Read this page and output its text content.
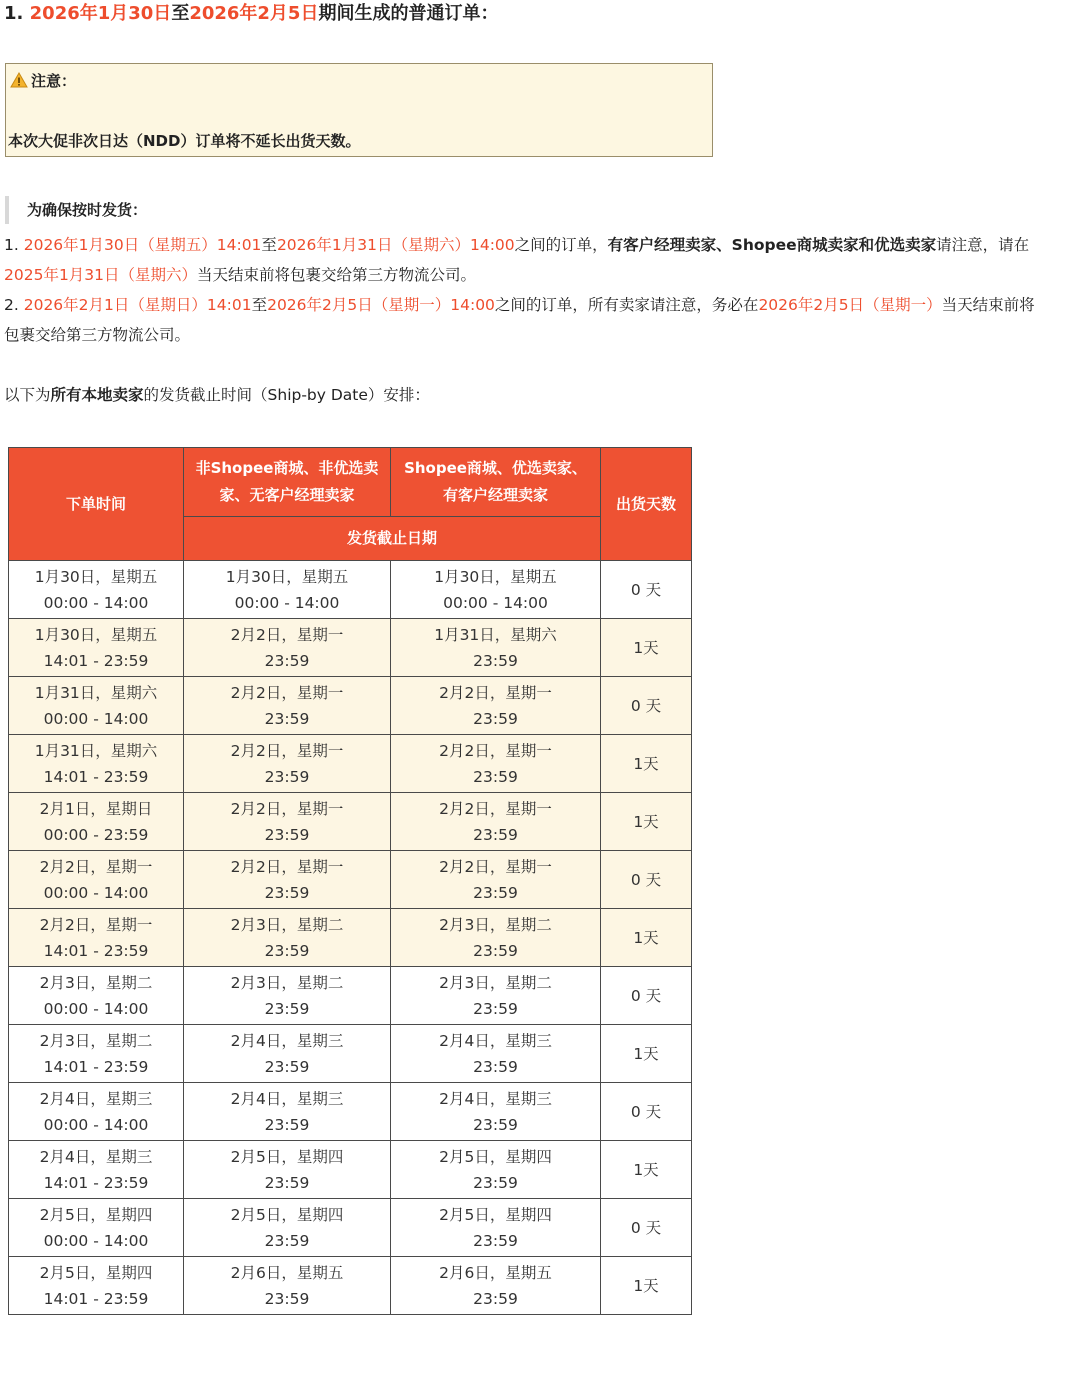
1. 2026年1月30日至2026年2月5日期间生成的普通订单：
注意：
本次大促非次日达（NDD）订单将不延长出货天数。
为确保按时发货：
1. 2026年1月30日（星期五）14:01至2026年1月31日（星期六）14:00之间的订单，有客户经理卖家、Shopee商城卖家和优选卖家请注意，请在
2025年1月31日（星期六）当天结束前将包裹交给第三方物流公司。
2. 2026年2月1日（星期日）14:01至2026年2月5日（星期一）14:00之间的订单，所有卖家请注意，务必在2026年2月5日（星期一）当天结束前将
包裹交给第三方物流公司。
以下为所有本地卖家的发货截止时间（Ship-by Date）安排：
下单时间	非Shopee商城、非优选卖
家、无客户经理卖家	Shopee商城、优选卖家、
有客户经理卖家	出货天数
	发货截止日期		
1月30日，星期五
00:00 - 14:00	1月30日，星期五
00:00 - 14:00	1月30日，星期五
00:00 - 14:00	0 天
1月30日，星期五
14:01 - 23:59	2月2日，星期一
23:59	1月31日，星期六
23:59	1天
1月31日，星期六
00:00 - 14:00	2月2日，星期一
23:59	2月2日，星期一
23:59	0 天
1月31日，星期六
14:01 - 23:59	2月2日，星期一
23:59	2月2日，星期一
23:59	1天
2月1日，星期日
00:00 - 23:59	2月2日，星期一
23:59	2月2日，星期一
23:59	1天
2月2日，星期一
00:00 - 14:00	2月2日，星期一
23:59	2月2日，星期一
23:59	0 天
2月2日，星期一
14:01 - 23:59	2月3日，星期二
23:59	2月3日，星期二
23:59	1天
2月3日，星期二
00:00 - 14:00	2月3日，星期二
23:59	2月3日，星期二
23:59	0 天
2月3日，星期二
14:01 - 23:59	2月4日，星期三
23:59	2月4日，星期三
23:59	1天
2月4日，星期三
00:00 - 14:00	2月4日，星期三
23:59	2月4日，星期三
23:59	0 天
2月4日，星期三
14:01 - 23:59	2月5日，星期四
23:59	2月5日，星期四
23:59	1天
2月5日，星期四
00:00 - 14:00	2月5日，星期四
23:59	2月5日，星期四
23:59	0 天
2月5日，星期四
14:01 - 23:59	2月6日，星期五
23:59	2月6日，星期五
23:59	1天
